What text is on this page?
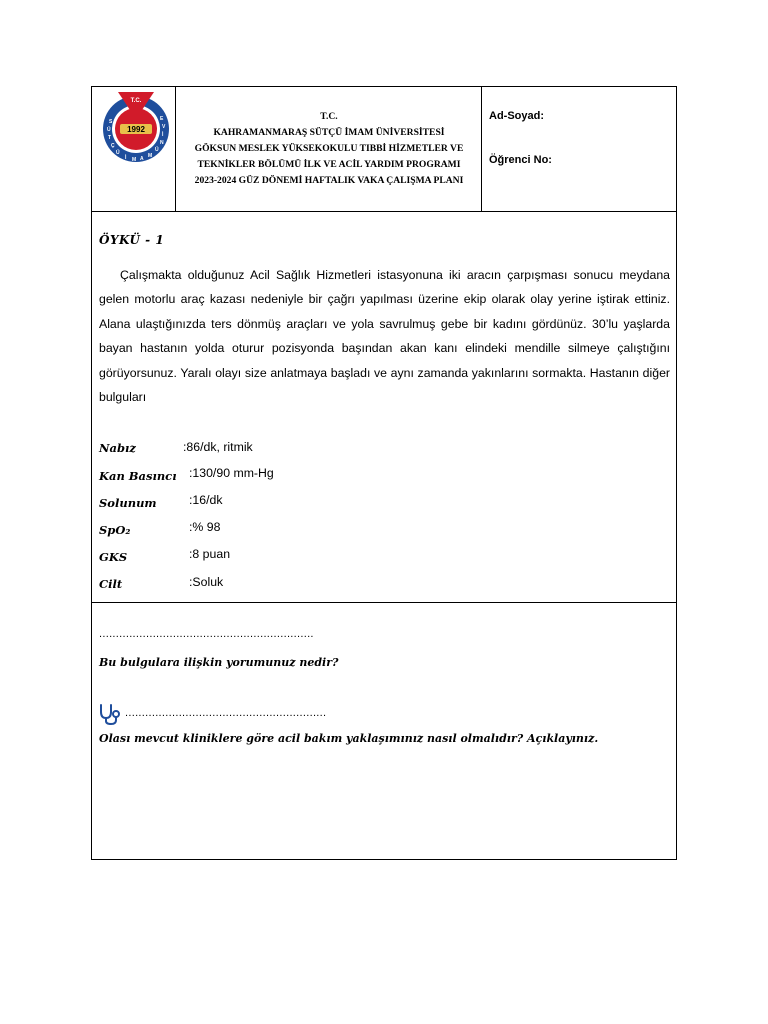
T.C.
1992
S
Ü
T
Ç
Ü
İ M A M
Ü
N
İ
V
E	T.C.
KAHRAMANMARAŞ SÜTÇÜ İMAM ÜNİVERSİTESİ
GÖKSUN MESLEK YÜKSEKOKULU TIBBİ HİZMETLER VE
TEKNİKLER BÖLÜMÜ İLK VE ACİL YARDIM PROGRAMI
2023-2024 GÜZ DÖNEMİ HAFTALIK VAKA ÇALIŞMA PLANI
Ad-Soyad:
Öğrenci No:
ÖYKÜ - 1
Çalışmakta olduğunuz Acil Sağlık Hizmetleri istasyonuna iki aracın çarpışması sonucu meydana gelen motorlu araç kazası nedeniyle bir çağrı yapılması üzerine ekip olarak olay yerine iştirak ettiniz. Alana ulaştığınızda ters dönmüş araçları ve yola savrulmuş gebe bir kadını gördünüz. 30’lu yaşlarda bayan hastanın yolda oturur pozisyonda başından akan kanı elindeki mendille silmeye çalıştığını görüyorsunuz. Yaralı olayı size anlatmaya başladı ve aynı zamanda yakınlarını sormakta. Hastanın diğer bulguları
Nabız	:86/dk, ritmik
Kan Basıncı :130/90 mm-Hg
Solunum	:16/dk
SpO₂	:% 98
GKS	:8 puan
Cilt	:Soluk
................................................................
Bu bulgulara ilişkin yorumunuz nedir?
............................................................
Olası mevcut kliniklere göre acil bakım yaklaşımınız nasıl olmalıdır? Açıklayınız.
